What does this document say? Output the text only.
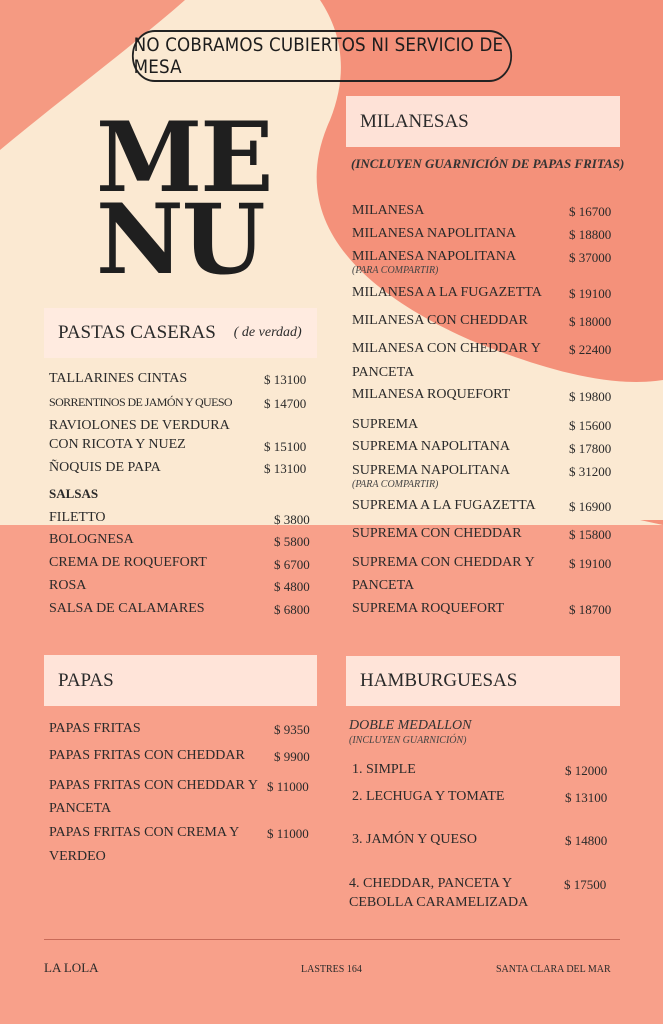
NO COBRAMOS CUBIERTOS NI SERVICIO DE MESA
ME
NU
PASTAS CASERAS ( de verdad)
TALLARINES CINTAS	$ 13100
SORRENTINOS DE JAMÓN Y QUESO $ 14700
RAVIOLONES DE VERDURA
CON RICOTA Y NUEZ	$ 15100
ÑOQUIS DE PAPA	$ 13100
SALSAS
FILETTO	$ 3800
BOLOGNESA	$ 5800
CREMA DE ROQUEFORT	$ 6700
ROSA	$ 4800
SALSA DE CALAMARES	$ 6800
MILANESAS
(INCLUYEN GUARNICIÓN DE PAPAS FRITAS)
MILANESA	$ 16700
MILANESA NAPOLITANA	$ 18800
MILANESA NAPOLITANA
(PARA COMPARTIR)
$ 37000
MILANESA A LA FUGAZETTA $ 19100
MILANESA CON CHEDDAR	$ 18000
MILANESA CON CHEDDAR Y
PANCETA
$ 22400
MILANESA ROQUEFORT	$ 19800
SUPREMA	$ 15600
SUPREMA NAPOLITANA	$ 17800
SUPREMA NAPOLITANA
(PARA COMPARTIR)
$ 31200
SUPREMA A LA FUGAZETTA	$ 16900
SUPREMA CON CHEDDAR	$ 15800
SUPREMA CON CHEDDAR Y
PANCETA
$ 19100
SUPREMA ROQUEFORT	$ 18700
PAPAS
PAPAS FRITAS	$ 9350
PAPAS FRITAS CON CHEDDAR $ 9900
PAPAS FRITAS CON CHEDDAR Y
PANCETA
$ 11000
PAPAS FRITAS CON CREMA Y
VERDEO
$ 11000
HAMBURGUESAS
DOBLE MEDALLON
(INCLUYEN GUARNICIÓN)
1. SIMPLE	$ 12000
2. LECHUGA Y TOMATE	$ 13100
3. JAMÓN Y QUESO	$ 14800
4. CHEDDAR, PANCETA Y
CEBOLLA CARAMELIZADA
$ 17500
LA LOLA	LASTRES 164	SANTA CLARA DEL MAR
